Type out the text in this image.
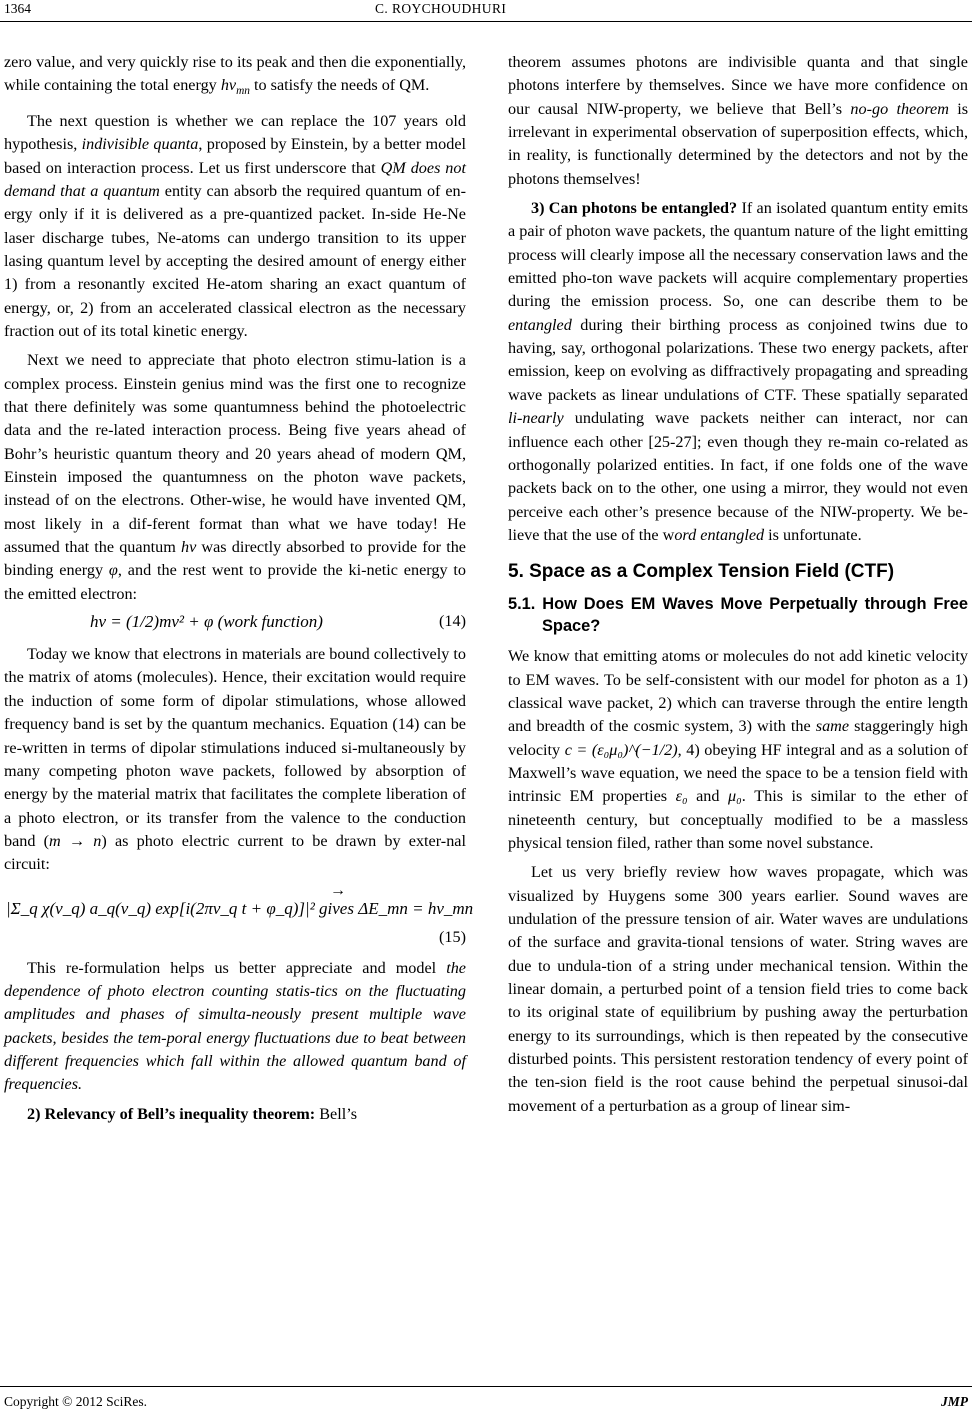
1364	C. ROYCHOUDHURI

zero value, and very quickly rise to its peak and then die exponentially, while containing the total energy $h\nu_{mn}$ to satisfy the needs of QM.

The next question is whether we can replace the 107 years old hypothesis, indivisible quanta, proposed by Einstein, by a better model based on interaction process. Let us first underscore that QM does not demand that a quantum entity can absorb the required quantum of en-ergy only if it is delivered as a pre-quantized packet. In-side He-Ne laser discharge tubes, Ne-atoms can undergo transition to its upper lasing quantum level by accepting the desired amount of energy either 1) from a resonantly excited He-atom sharing an exact quantum of energy, or, 2) from an accelerated classical electron as the necessary fraction out of its total kinetic energy.

Next we need to appreciate that photo electron stimu-lation is a complex process. Einstein genius mind was the first one to recognize that there definitely was some quantumness behind the photoelectric data and the re-lated interaction process. Being five years ahead of Bohr’s heuristic quantum theory and 20 years ahead of modern QM, Einstein imposed the quantumness on the photon wave packets, instead of on the electrons. Other-wise, he would have invented QM, most likely in a dif-ferent format than what we have today! He assumed that the quantum hν was directly absorbed to provide for the binding energy φ, and the rest went to provide the ki-netic energy to the emitted electron:

hν = (1/2)mv² + φ (work function)	(14)

Today we know that electrons in materials are bound collectively to the matrix of atoms (molecules). Hence, their excitation would require the induction of some form of dipolar stimulations, whose allowed frequency band is set by the quantum mechanics. Equation (14) can be re-written in terms of dipolar stimulations induced si-multaneously by many competing photon wave packets, followed by absorption of energy by the material matrix that facilitates the complete liberation of a photo electron, or its transfer from the valence to the conduction band (m → n) as photo electric current to be drawn by exter-nal circuit:

→
|Σ_q χ(ν_q) a_q(ν_q) exp[i(2πν_q t + φ_q)]|² gives ΔE_mn = hν_mn
(15)

This re-formulation helps us better appreciate and model the dependence of photo electron counting statis-tics on the fluctuating amplitudes and phases of simulta-neously present multiple wave packets, besides the tem-poral energy fluctuations due to beat between different frequencies which fall within the allowed quantum band of frequencies.

2) Relevancy of Bell’s inequality theorem: Bell’s

theorem assumes photons are indivisible quanta and that single photons interfere by themselves. Since we have more confidence on our causal NIW-property, we believe that Bell’s no-go theorem is irrelevant in experimental observation of superposition effects, which, in reality, is functionally determined by the detectors and not by the photons themselves!

3) Can photons be entangled? If an isolated quantum entity emits a pair of photon wave packets, the quantum nature of the light emitting process will clearly impose all the necessary conservation laws and the emitted pho-ton wave packets will acquire complementary properties during the emission process. So, one can describe them to be entangled during their birthing process as conjoined twins due to having, say, orthogonal polarizations. These two energy packets, after emission, keep on evolving as diffractively propagating and spreading wave packets as linear undulations of CTF. These spatially separated li-nearly undulating wave packets neither can interact, nor can influence each other [25-27]; even though they re-main co-related as orthogonally polarized entities. In fact, if one folds one of the wave packets back on to the other, one using a mirror, they would not even perceive each other’s presence because of the NIW-property. We be-lieve that the use of the word entangled is unfortunate.

5. Space as a Complex Tension Field (CTF)
5.1. How Does EM Waves Move Perpetually through Free Space?

We know that emitting atoms or molecules do not add kinetic velocity to EM waves. To be self-consistent with our model for photon as a 1) classical wave packet, 2) which can traverse through the entire length and breadth of the cosmic system, 3) with the same staggeringly high velocity c = (ε₀μ₀)^(−1/2), 4) obeying HF integral and as a solution of Maxwell’s wave equation, we need the space to be a tension field with intrinsic EM properties ε₀ and μ₀. This is similar to the ether of nineteenth century, but conceptually modified to be a massless physical tension filed, rather than some novel substance.

Let us very briefly review how waves propagate, which was visualized by Huygens some 300 years earlier. Sound waves are undulation of the pressure tension of air. Water waves are undulations of the surface and gravita-tional tensions of water. String waves are due to undula-tion of a string under mechanical tension. Within the linear domain, a perturbed point of a tension field tries to come back to its original state of equilibrium by pushing away the perturbation energy to its surroundings, which is then repeated by the consecutive disturbed points. This persistent restoration tendency of every point of the ten-sion field is the root cause behind the perpetual sinusoi-dal movement of a perturbation as a group of linear sim-

Copyright © 2012 SciRes.	JMP
